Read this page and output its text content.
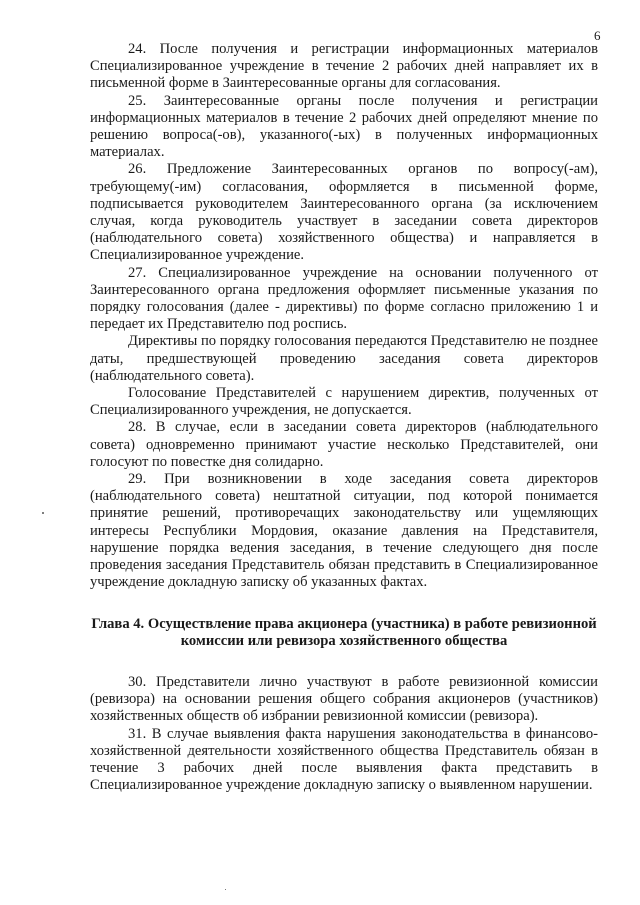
6

24. После получения и регистрации информационных материалов Специализированное учреждение в течение 2 рабочих дней направляет их в письменной форме в Заинтересованные органы для согласования.

25. Заинтересованные органы после получения и регистрации информационных материалов в течение 2 рабочих дней определяют мнение по решению вопроса(-ов), указанного(-ых) в полученных информационных материалах.

26. Предложение Заинтересованных органов по вопросу(-ам), требующему(-им) согласования, оформляется в письменной форме, подписывается руководителем Заинтересованного органа (за исключением случая, когда руководитель участвует в заседании совета директоров (наблюдательного совета) хозяйственного общества) и направляется в Специализированное учреждение.

27. Специализированное учреждение на основании полученного от Заинтересованного органа предложения оформляет письменные указания по порядку голосования (далее - директивы) по форме согласно приложению 1 и передает их Представителю под роспись.

Директивы по порядку голосования передаются Представителю не позднее даты, предшествующей проведению заседания совета директоров (наблюдательного совета).

Голосование Представителей с нарушением директив, полученных от Специализированного учреждения, не допускается.

28. В случае, если в заседании совета директоров (наблюдательного совета) одновременно принимают участие несколько Представителей, они голосуют по повестке дня солидарно.

29. При возникновении в ходе заседания совета директоров (наблюдательного совета) нештатной ситуации, под которой понимается принятие решений, противоречащих законодательству или ущемляющих интересы Республики Мордовия, оказание давления на Представителя, нарушение порядка ведения заседания, в течение следующего дня после проведения заседания Представитель обязан представить в Специализированное учреждение докладную записку об указанных фактах.

Глава 4. Осуществление права акционера (участника) в работе ревизионной комиссии или ревизора хозяйственного общества

30. Представители лично участвуют в работе ревизионной комиссии (ревизора) на основании решения общего собрания акционеров (участников) хозяйственных обществ об избрании ревизионной комиссии (ревизора).

31. В случае выявления факта нарушения законодательства в финансово-хозяйственной деятельности хозяйственного общества Представитель обязан в течение 3 рабочих дней после выявления факта представить в Специализированное учреждение докладную записку о выявленном нарушении.
